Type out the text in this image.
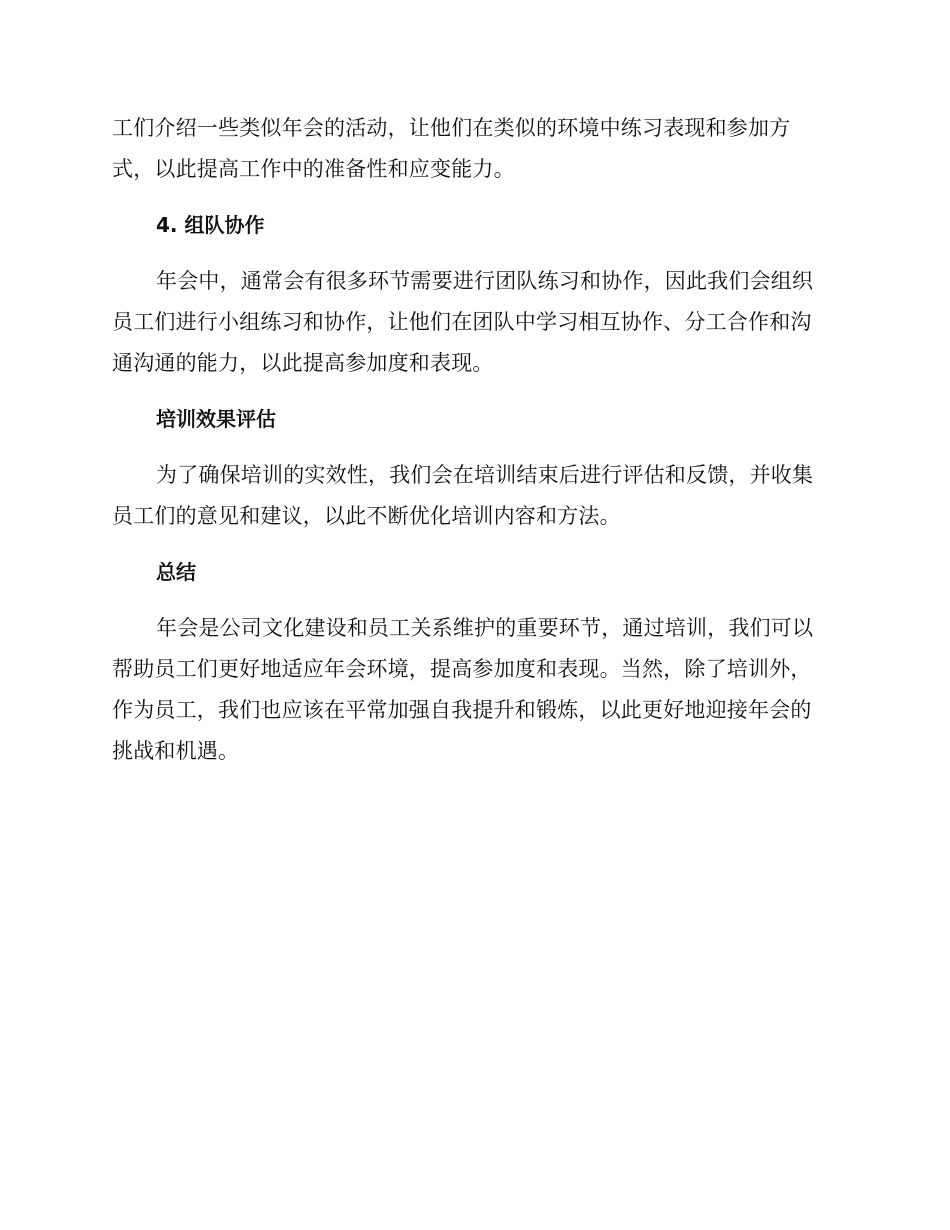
工们介绍一些类似年会的活动，让他们在类似的环境中练习表现和参加方
式，以此提高工作中的准备性和应变能力。
4. 组队协作
年会中，通常会有很多环节需要进行团队练习和协作，因此我们会组织
员工们进行小组练习和协作，让他们在团队中学习相互协作、分工合作和沟
通沟通的能力，以此提高参加度和表现。
培训效果评估
为了确保培训的实效性，我们会在培训结束后进行评估和反馈，并收集
员工们的意见和建议，以此不断优化培训内容和方法。
总结
年会是公司文化建设和员工关系维护的重要环节，通过培训，我们可以
帮助员工们更好地适应年会环境，提高参加度和表现。当然，除了培训外，
作为员工，我们也应该在平常加强自我提升和锻炼，以此更好地迎接年会的
挑战和机遇。
